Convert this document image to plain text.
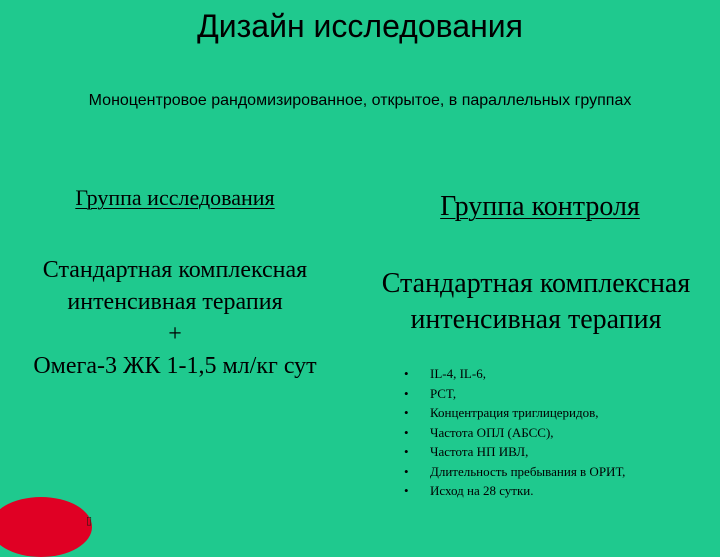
Дизайн исследования
Моноцентровое рандомизированное, открытое, в параллельных группах
Группа исследования	Группа контроля
Стандартная комплексная
интенсивная терапия
+
Омега-3 ЖК 1-1,5 мл/кг сут
Стандартная комплексная
интенсивная терапия
• IL-4, IL-6,
• PCT,
• Концентрация триглицеридов,
• Частота ОПЛ (АБСС),
• Частота НП ИВЛ,
• Длительность пребывания в ОРИТ,
• Исход на 28 сутки.
▯
